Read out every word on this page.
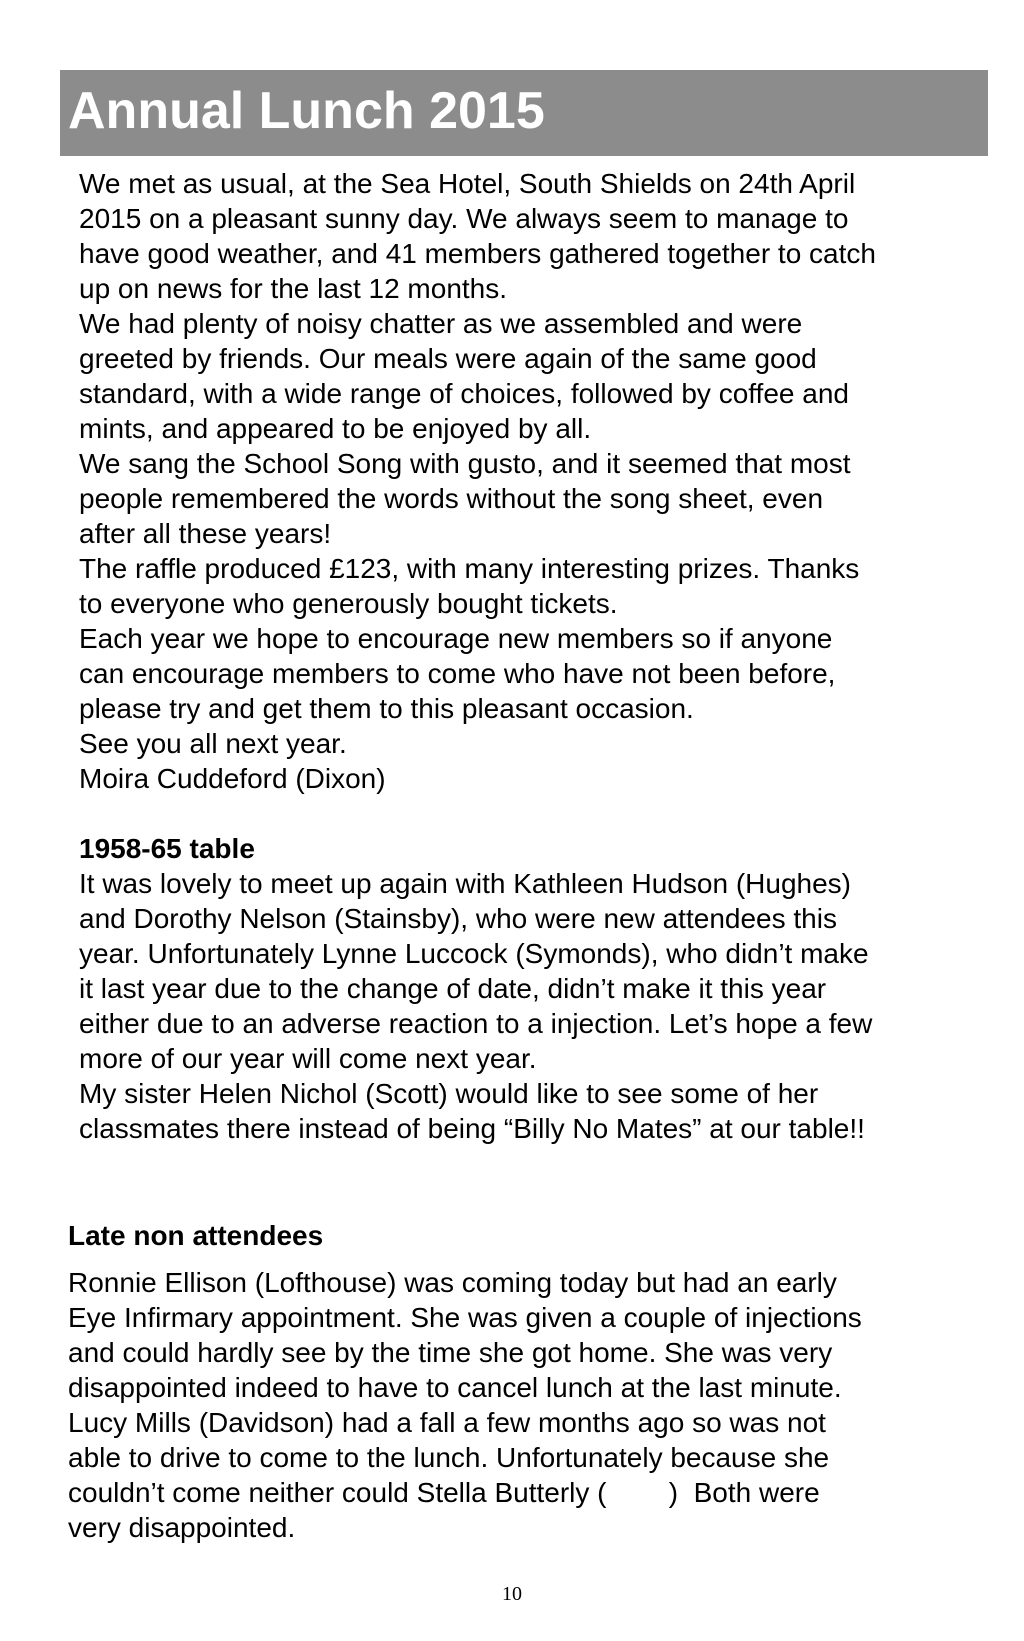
Annual Lunch 2015
We met as usual, at the Sea Hotel, South Shields on 24th April
2015 on a pleasant sunny day. We always seem to manage to
have good weather, and 41 members gathered together to catch
up on news for the last 12 months.
We had plenty of noisy chatter as we assembled and were
greeted by friends. Our meals were again of the same good
standard, with a wide range of choices, followed by coffee and
mints, and appeared to be enjoyed by all.
We sang the School Song with gusto, and it seemed that most
people remembered the words without the song sheet, even
after all these years!
The raffle produced £123, with many interesting prizes. Thanks
to everyone who generously bought tickets.
Each year we hope to encourage new members so if anyone
can encourage members to come who have not been before,
please try and get them to this pleasant occasion.
See you all next year.
Moira Cuddeford (Dixon)
1958-65 table
It was lovely to meet up again with Kathleen Hudson (Hughes)
and Dorothy Nelson (Stainsby), who were new attendees this
year. Unfortunately Lynne Luccock (Symonds), who didn’t make
it last year due to the change of date, didn’t make it this year
either due to an adverse reaction to a injection. Let’s hope a few
more of our year will come next year.
My sister Helen Nichol (Scott) would like to see some of her
classmates there instead of being “Billy No Mates” at our table!!
Late non attendees
Ronnie Ellison (Lofthouse) was coming today but had an early
Eye Infirmary appointment. She was given a couple of injections
and could hardly see by the time she got home. She was very
disappointed indeed to have to cancel lunch at the last minute.
Lucy Mills (Davidson) had a fall a few months ago so was not
able to drive to come to the lunch. Unfortunately because she
couldn’t come neither could Stella Butterly (        )  Both were
very disappointed.
10
